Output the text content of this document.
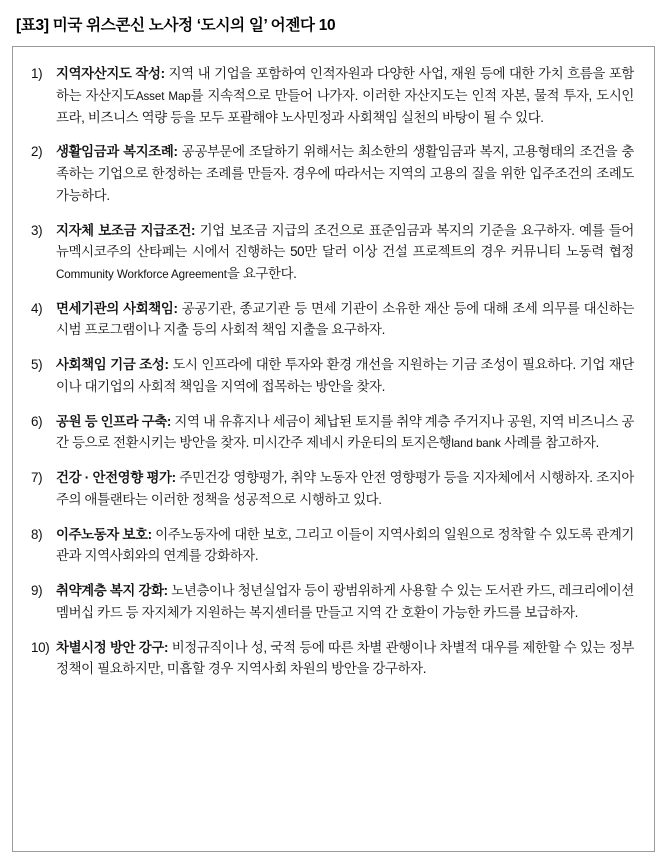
[표3] 미국 위스콘신 노사정 ‘도시의 일’ 어젠다 10
1)	지역자산지도 작성: 지역 내 기업을 포함하여 인적자원과 다양한 사업, 재원 등에 대한 가치 흐름을 포함하는 자산지도Asset Map를 지속적으로 만들어 나가자. 이러한 자산지도는 인적 자본, 물적 투자, 도시인프라, 비즈니스 역량 등을 모두 포괄해야 노사민정과 사회책임 실천의 바탕이 될 수 있다.
2)	생활임금과 복지조례: 공공부문에 조달하기 위해서는 최소한의 생활임금과 복지, 고용형태의 조건을 충족하는 기업으로 한정하는 조례를 만들자. 경우에 따라서는 지역의 고용의 질을 위한 입주조건의 조례도 가능하다.
3)	지자체 보조금 지급조건: 기업 보조금 지급의 조건으로 표준임금과 복지의 기준을 요구하자. 예를 들어 뉴멕시코주의 산타페는 시에서 진행하는 50만 달러 이상 건설 프로젝트의 경우 커뮤니티 노동력 협정Community Workforce Agreement을 요구한다.
4)	면세기관의 사회책임: 공공기관, 종교기관 등 면세 기관이 소유한 재산 등에 대해 조세 의무를 대신하는 시범 프로그램이나 지출 등의 사회적 책임 지출을 요구하자.
5)	사회책임 기금 조성: 도시 인프라에 대한 투자와 환경 개선을 지원하는 기금 조성이 필요하다. 기업 재단이나 대기업의 사회적 책임을 지역에 접목하는 방안을 찾자.
6)	공원 등 인프라 구축: 지역 내 유휴지나 세금이 체납된 토지를 취약 계층 주거지나 공원, 지역 비즈니스 공간 등으로 전환시키는 방안을 찾자. 미시간주 제네시 카운티의 토지은행land bank 사례를 참고하자.
7)	건강 · 안전영향 평가: 주민건강 영향평가, 취약 노동자 안전 영향평가 등을 지자체에서 시행하자. 조지아주의 애틀랜타는 이러한 정책을 성공적으로 시행하고 있다.
8)	이주노동자 보호: 이주노동자에 대한 보호, 그리고 이들이 지역사회의 일원으로 정착할 수 있도록 관계기관과 지역사회와의 연계를 강화하자.
9)	취약계층 복지 강화: 노년층이나 청년실업자 등이 광범위하게 사용할 수 있는 도서관 카드, 레크리에이션 멤버십 카드 등 자지체가 지원하는 복지센터를 만들고 지역 간 호환이 가능한 카드를 보급하자.
10) 차별시정 방안 강구: 비정규직이나 성, 국적 등에 따른 차별 관행이나 차별적 대우를 제한할 수 있는 정부 정책이 필요하지만, 미흡할 경우 지역사회 차원의 방안을 강구하자.
